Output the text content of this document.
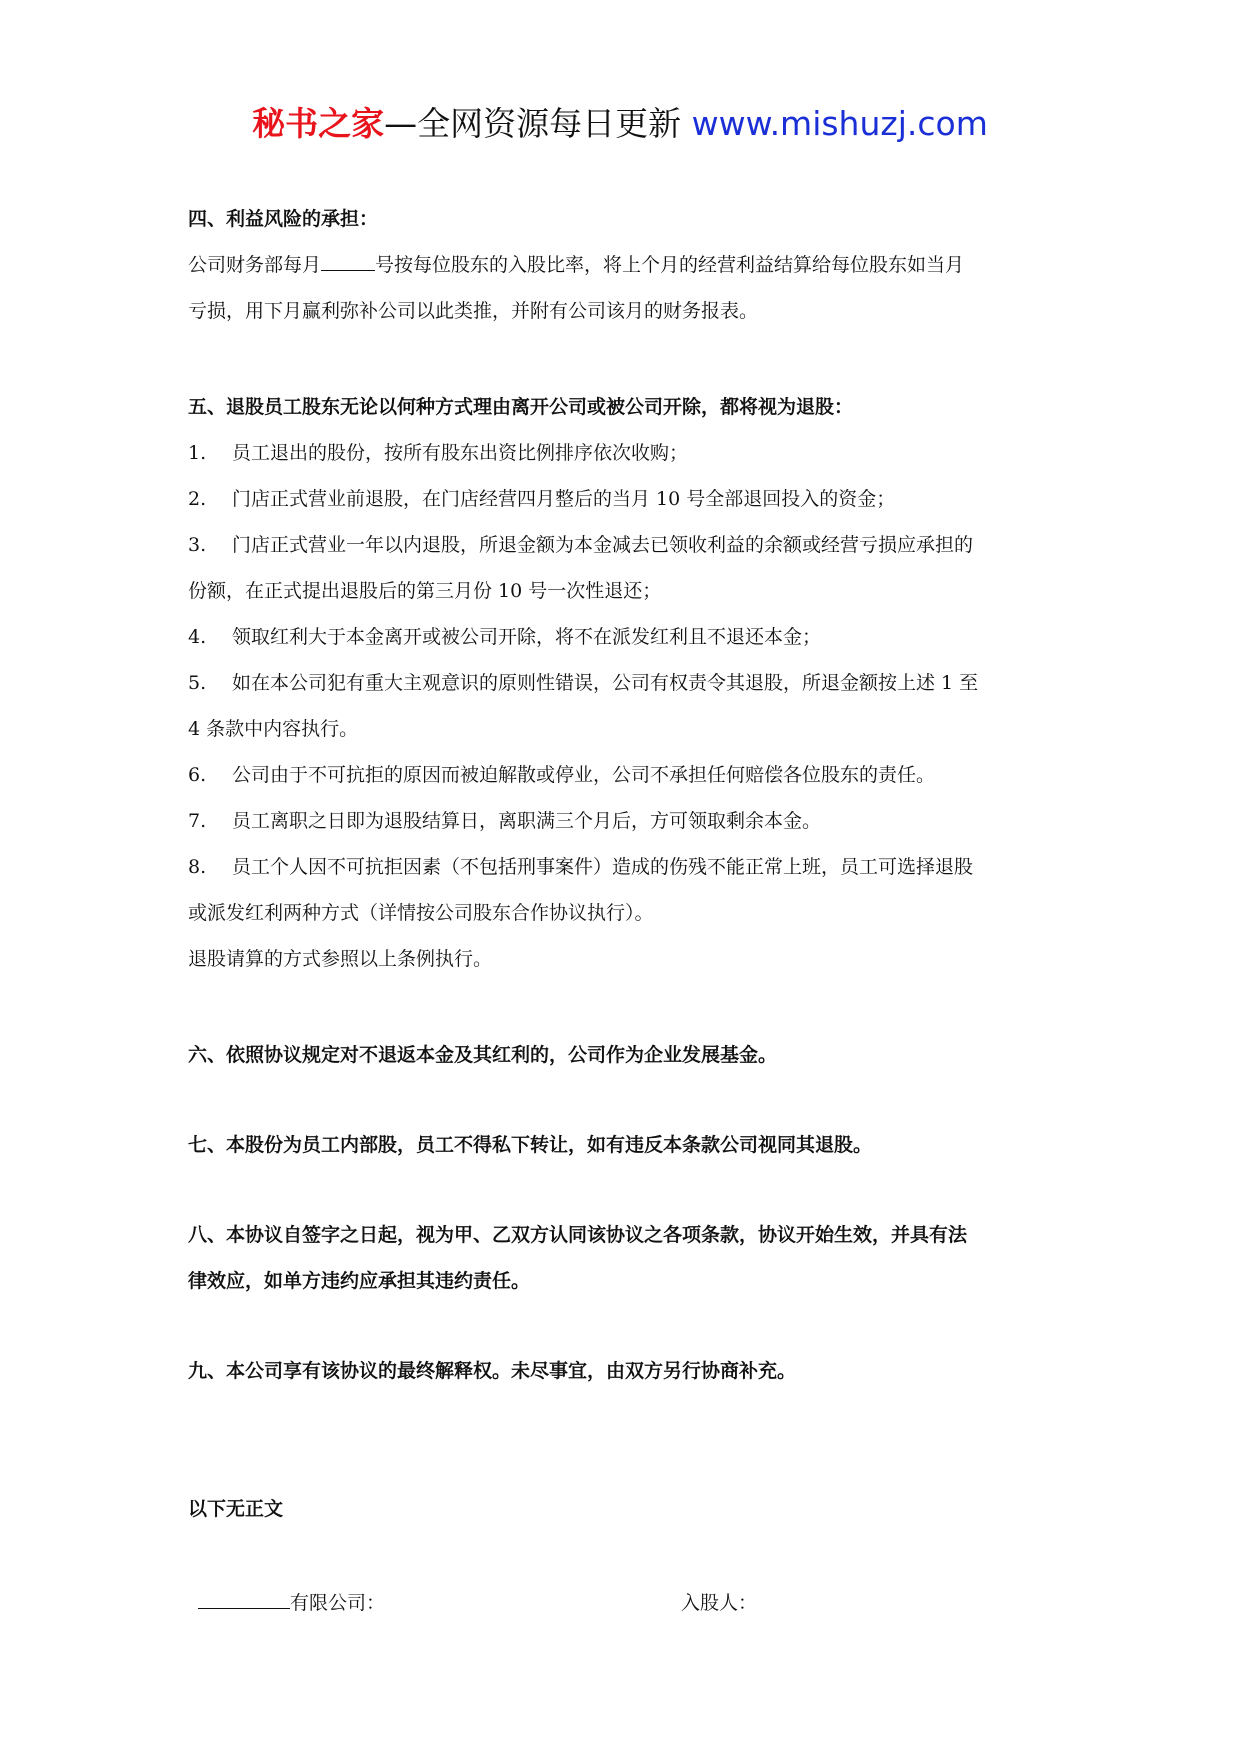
秘书之家—全网资源每日更新 www.mishuzj.com
四、利益风险的承担：
公司财务部每月	号按每位股东的入股比率，将上个月的经营利益结算给每位股东如当月
亏损，用下月赢利弥补公司以此类推，并附有公司该月的财务报表。
五、退股员工股东无论以何种方式理由离开公司或被公司开除，都将视为退股：
1. 员工退出的股份，按所有股东出资比例排序依次收购；
2. 门店正式营业前退股，在门店经营四月整后的当月 10 号全部退回投入的资金；
3. 门店正式营业一年以内退股，所退金额为本金减去已领收利益的余额或经营亏损应承担的
份额，在正式提出退股后的第三月份 10 号一次性退还；
4. 领取红利大于本金离开或被公司开除，将不在派发红利且不退还本金；
5. 如在本公司犯有重大主观意识的原则性错误，公司有权责令其退股，所退金额按上述 1 至
4 条款中内容执行。
6. 公司由于不可抗拒的原因而被迫解散或停业，公司不承担任何赔偿各位股东的责任。
7. 员工离职之日即为退股结算日，离职满三个月后，方可领取剩余本金。
8. 员工个人因不可抗拒因素（不包括刑事案件）造成的伤残不能正常上班，员工可选择退股
或派发红利两种方式（详情按公司股东合作协议执行）。
退股请算的方式参照以上条例执行。
六、依照协议规定对不退返本金及其红利的，公司作为企业发展基金。
七、本股份为员工内部股，员工不得私下转让，如有违反本条款公司视同其退股。
八、本协议自签字之日起，视为甲、乙双方认同该协议之各项条款，协议开始生效，并具有法
律效应，如单方违约应承担其违约责任。
九、本公司享有该协议的最终解释权。未尽事宜，由双方另行协商补充。
以下无正文
有限公司：	入股人：
